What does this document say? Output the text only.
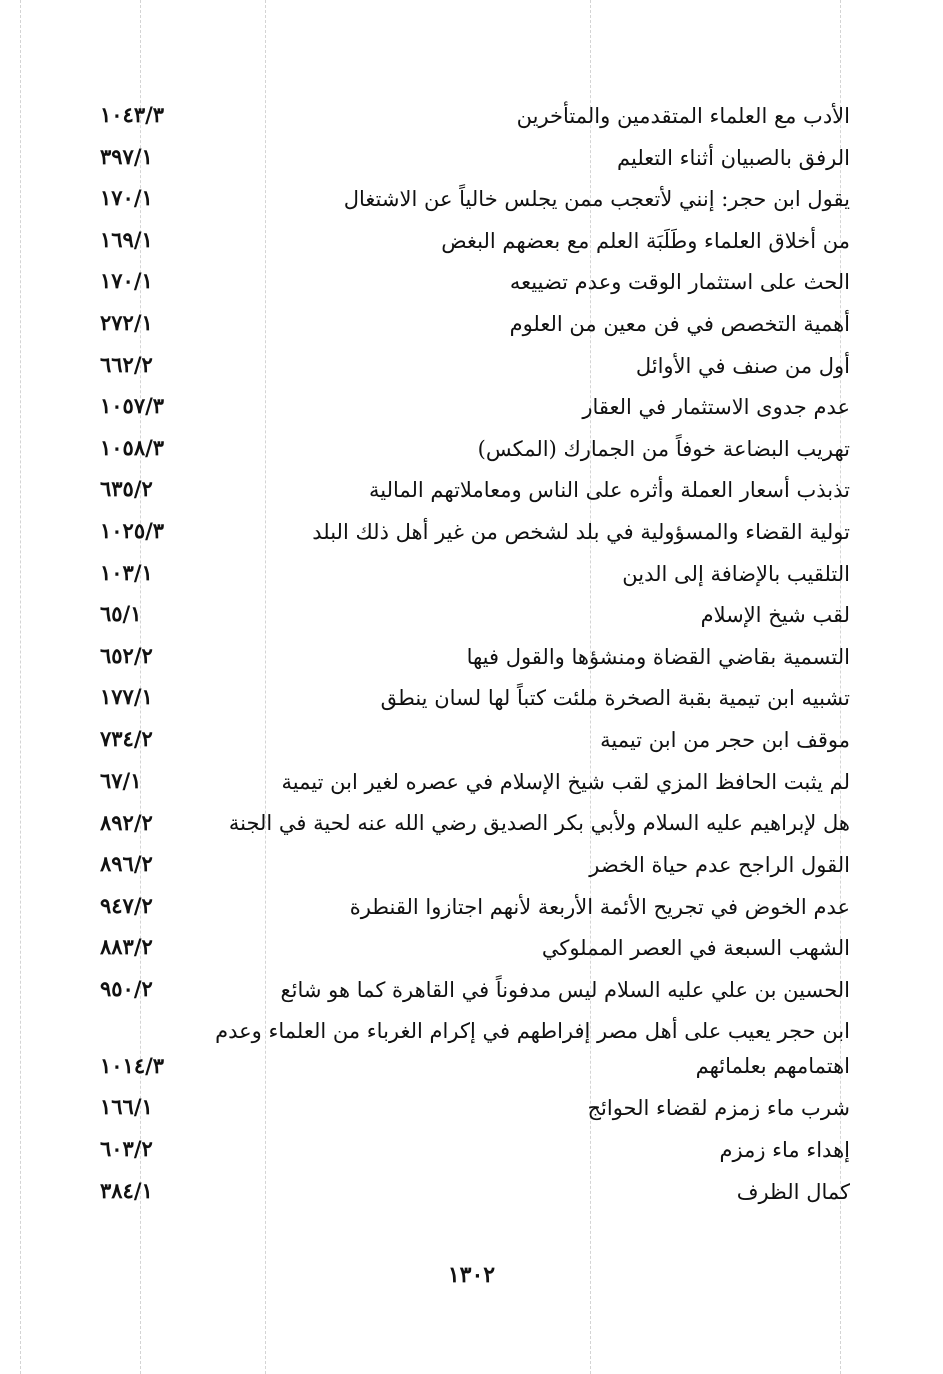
الأدب مع العلماء المتقدمين والمتأخرين
١٠٤٣/٣
الرفق بالصبيان أثناء التعليم
٣٩٧/١
يقول ابن حجر: إنني لأتعجب ممن يجلس خالياً عن الاشتغال
١٧٠/١
من أخلاق العلماء وطَلَبَة العلم مع بعضهم البغض
١٦٩/١
الحث على استثمار الوقت وعدم تضييعه
١٧٠/١
أهمية التخصص في فن معين من العلوم
٢٧٢/١
أول من صنف في الأوائل
٦٦٢/٢
عدم جدوى الاستثمار في العقار
١٠٥٧/٣
تهريب البضاعة خوفاً من الجمارك (المكس)
١٠٥٨/٣
تذبذب أسعار العملة وأثره على الناس ومعاملاتهم المالية
٦٣٥/٢
تولية القضاء والمسؤولية في بلد لشخص من غير أهل ذلك البلد
١٠٢٥/٣
التلقيب بالإضافة إلى الدين
١٠٣/١
لقب شيخ الإسلام
٦٥/١
التسمية بقاضي القضاة ومنشؤها والقول فيها
٦٥٢/٢
تشبيه ابن تيمية بقبة الصخرة ملئت كتباً لها لسان ينطق
١٧٧/١
موقف ابن حجر من ابن تيمية
٧٣٤/٢
لم يثبت الحافظ المزي لقب شيخ الإسلام في عصره لغير ابن تيمية
٦٧/١
هل لإبراهيم عليه السلام ولأبي بكر الصديق رضي الله عنه لحية في الجنة
٨٩٢/٢
القول الراجح عدم حياة الخضر
٨٩٦/٢
عدم الخوض في تجريح الأئمة الأربعة لأنهم اجتازوا القنطرة
٩٤٧/٢
الشهب السبعة في العصر المملوكي
٨٨٣/٢
الحسين بن علي عليه السلام ليس مدفوناً في القاهرة كما هو شائع
٩٥٠/٢
ابن حجر يعيب على أهل مصر إفراطهم في إكرام الغرباء من العلماء وعدم اهتمامهم بعلمائهم
١٠١٤/٣
شرب ماء زمزم لقضاء الحوائج
١٦٦/١
إهداء ماء زمزم
٦٠٣/٢
كمال الظرف
٣٨٤/١
١٣٠٢
